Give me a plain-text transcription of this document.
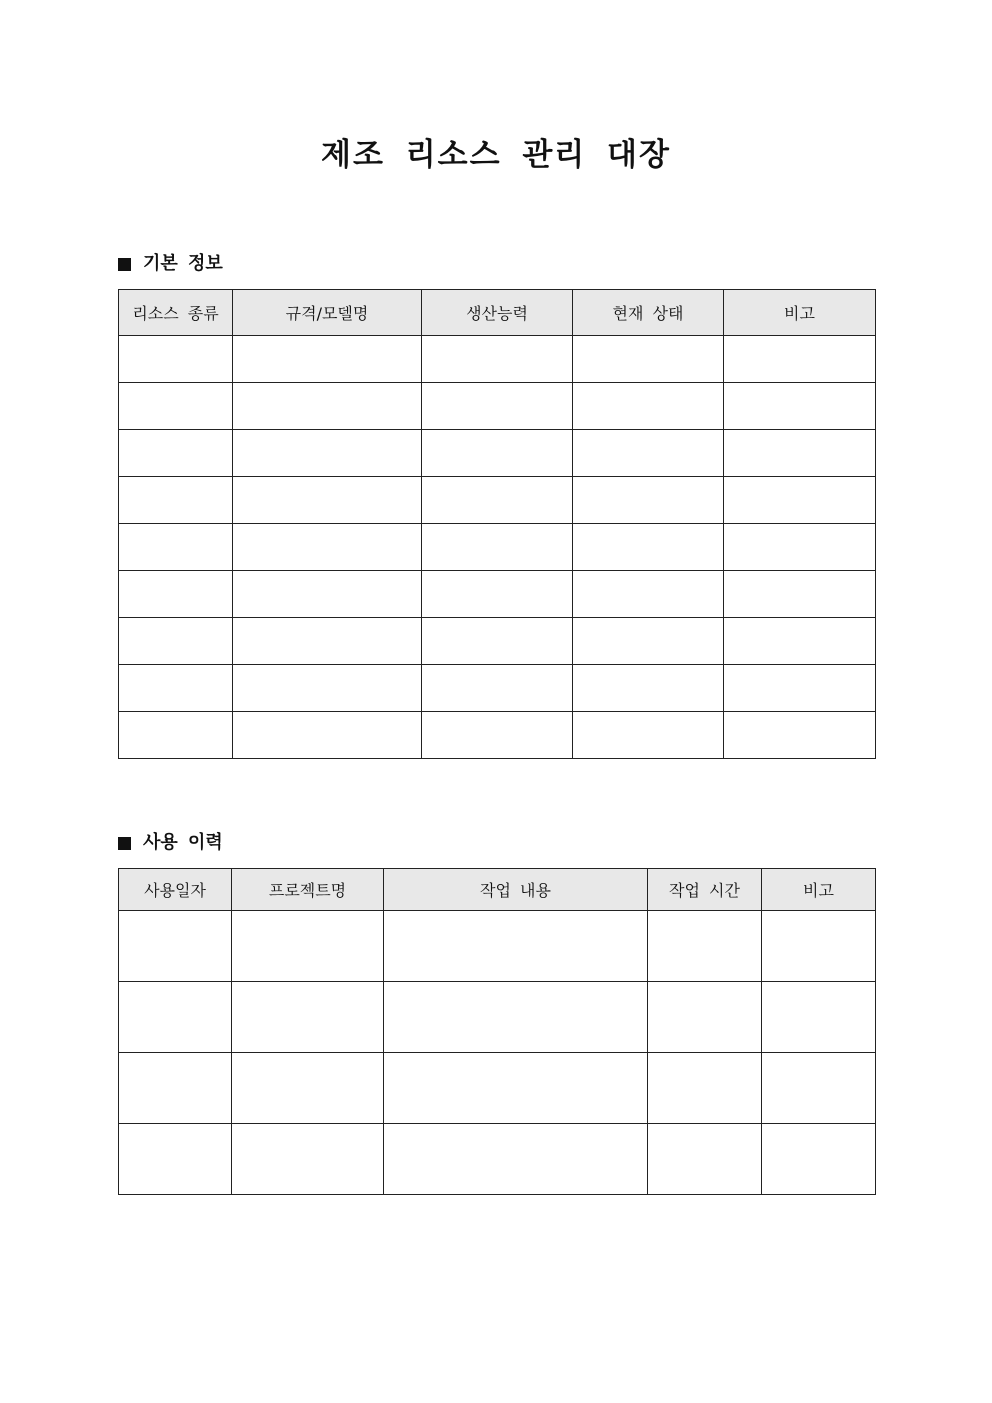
제조 리소스 관리 대장
기본 정보
리소스 종류	규격/모델명	생산능력	현재 상태	비고

사용 이력
사용일자	프로젝트명	작업 내용	작업 시간	비고
